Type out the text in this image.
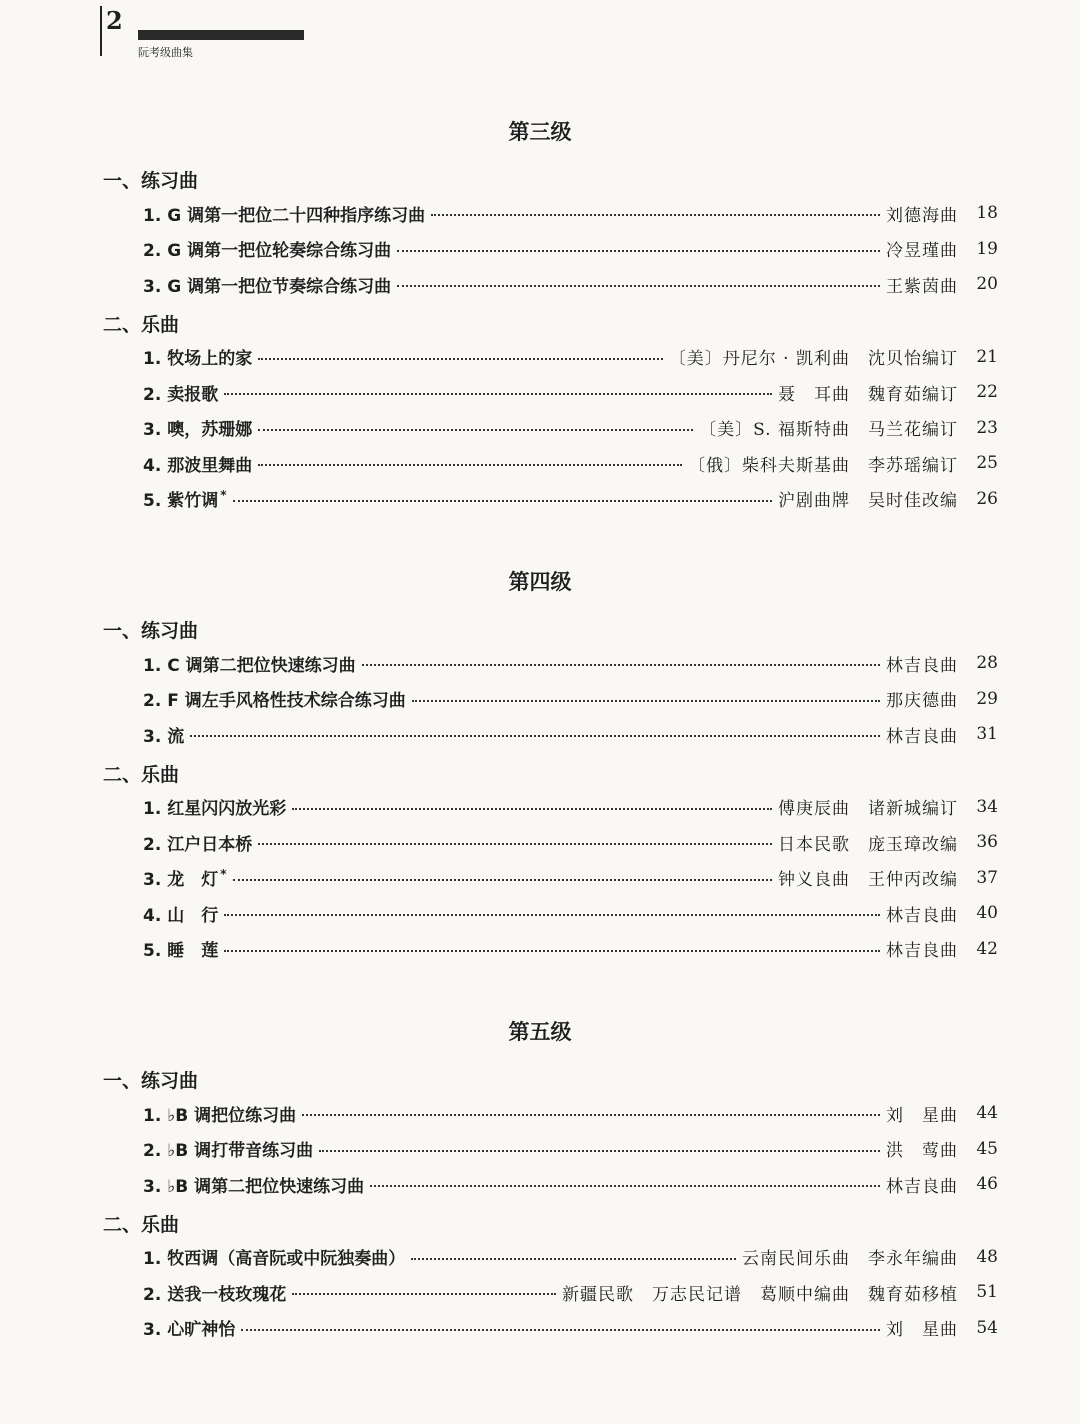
2
阮考级曲集
第三级
一、练习曲
1. G 调第一把位二十四种指序练习曲	刘德海曲	18
2. G 调第一把位轮奏综合练习曲	冷昱瑾曲	19
3. G 调第一把位节奏综合练习曲	王紫茵曲	20
二、乐曲
1. 牧场上的家	〔美〕丹尼尔 · 凯利曲 沈贝怡编订	21
2. 卖报歌	聂　耳曲 魏育茹编订	22
3. 噢，苏珊娜	〔美〕S. 福斯特曲 马兰花编订	23
4. 那波里舞曲	〔俄〕柴科夫斯基曲 李苏瑶编订	25
5. 紫竹调 *	沪剧曲牌 吴时佳改编	26
第四级
一、练习曲
1. C 调第二把位快速练习曲	林吉良曲	28
2. F 调左手风格性技术综合练习曲	那庆德曲	29
3. 流	林吉良曲	31
二、乐曲
1. 红星闪闪放光彩	傅庚辰曲 诸新城编订	34
2. 江户日本桥	日本民歌 庞玉璋改编	36
3. 龙　灯 *	钟义良曲 王仲丙改编	37
4. 山　行	林吉良曲	40
5. 睡　莲	林吉良曲	42
第五级
一、练习曲
1. ♭B 调把位练习曲	刘　星曲	44
2. ♭B 调打带音练习曲	洪　莺曲	45
3. ♭B 调第二把位快速练习曲	林吉良曲	46
二、乐曲
1. 牧西调（高音阮或中阮独奏曲）	云南民间乐曲 李永年编曲	48
2. 送我一枝玫瑰花	新疆民歌 万志民记谱 葛顺中编曲 魏育茹移植	51
3. 心旷神怡	刘　星曲	54
